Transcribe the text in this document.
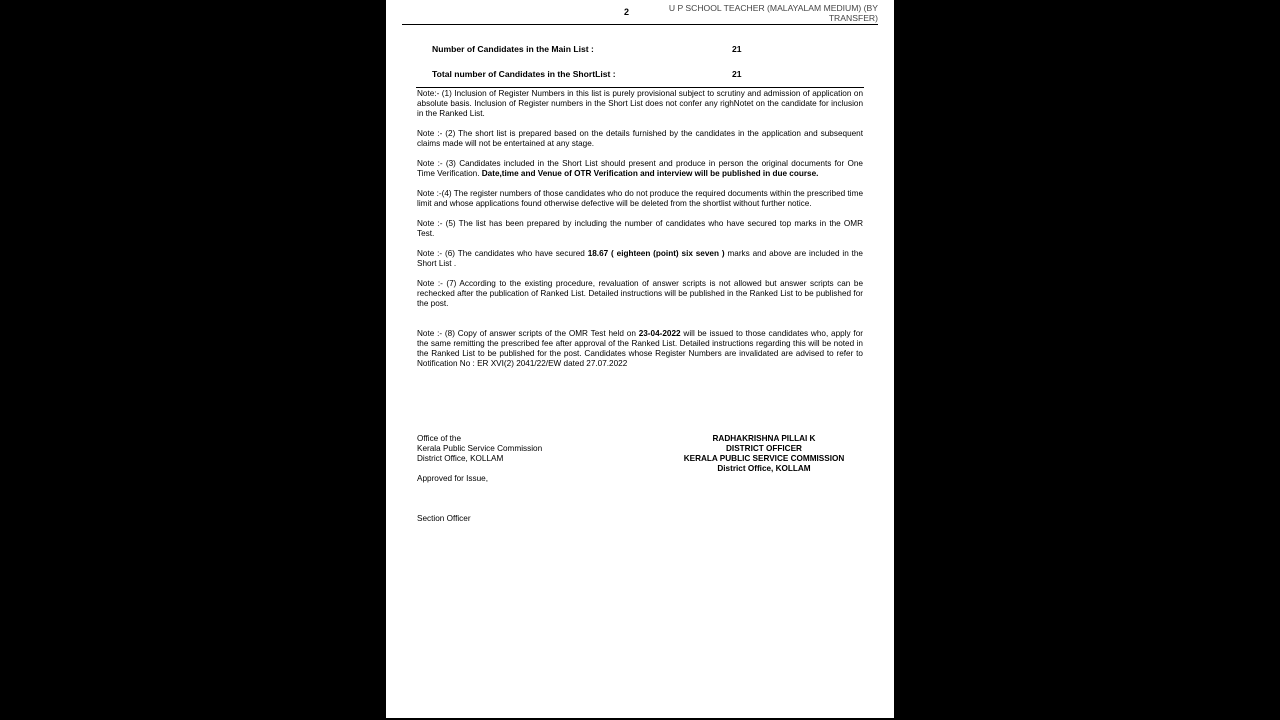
2	U P SCHOOL TEACHER (MALAYALAM MEDIUM) (BY
TRANSFER)
Number of Candidates in the Main List :	21
Total number of Candidates in the ShortList :	21

Note:- (1) Inclusion of Register Numbers in this list is purely provisional subject to scrutiny and admission of application on absolute basis. Inclusion of Register numbers in the Short List does not confer any righNotet on the candidate for inclusion in the Ranked List.

Note :- (2) The short list is prepared based on the details furnished by the candidates in the application and subsequent claims made will not be entertained at any stage.

Note :- (3) Candidates included in the Short List should present and produce in person the original documents for One Time Verification. Date,time and Venue of OTR Verification and interview will be published in due course.

Note :-(4) The register numbers of those candidates who do not produce the required documents within the prescribed time limit and whose applications found otherwise defective will be deleted from the shortlist without further notice.

Note :- (5) The list has been prepared by including the number of candidates who have secured top marks in the OMR Test.

Note :- (6) The candidates who have secured 18.67 ( eighteen (point) six seven ) marks and above are included in the Short List .

Note :- (7) According to the existing procedure, revaluation of answer scripts is not allowed but answer scripts can be rechecked after the publication of Ranked List. Detailed instructions will be published in the Ranked List to be published for the post.

Note :- (8) Copy of answer scripts of the OMR Test held on 23-04-2022 will be issued to those candidates who, apply for the same remitting the prescribed fee after approval of the Ranked List. Detailed instructions regarding this will be noted in the Ranked List to be published for the post. Candidates whose Register Numbers are invalidated are advised to refer to Notification No : ER XVI(2) 2041/22/EW dated 27.07.2022

Office of the
Kerala Public Service Commission
District Office, KOLLAM
RADHAKRISHNA PILLAI K
DISTRICT OFFICER
KERALA PUBLIC SERVICE COMMISSION
District Office, KOLLAM
Approved for Issue,
Section Officer
